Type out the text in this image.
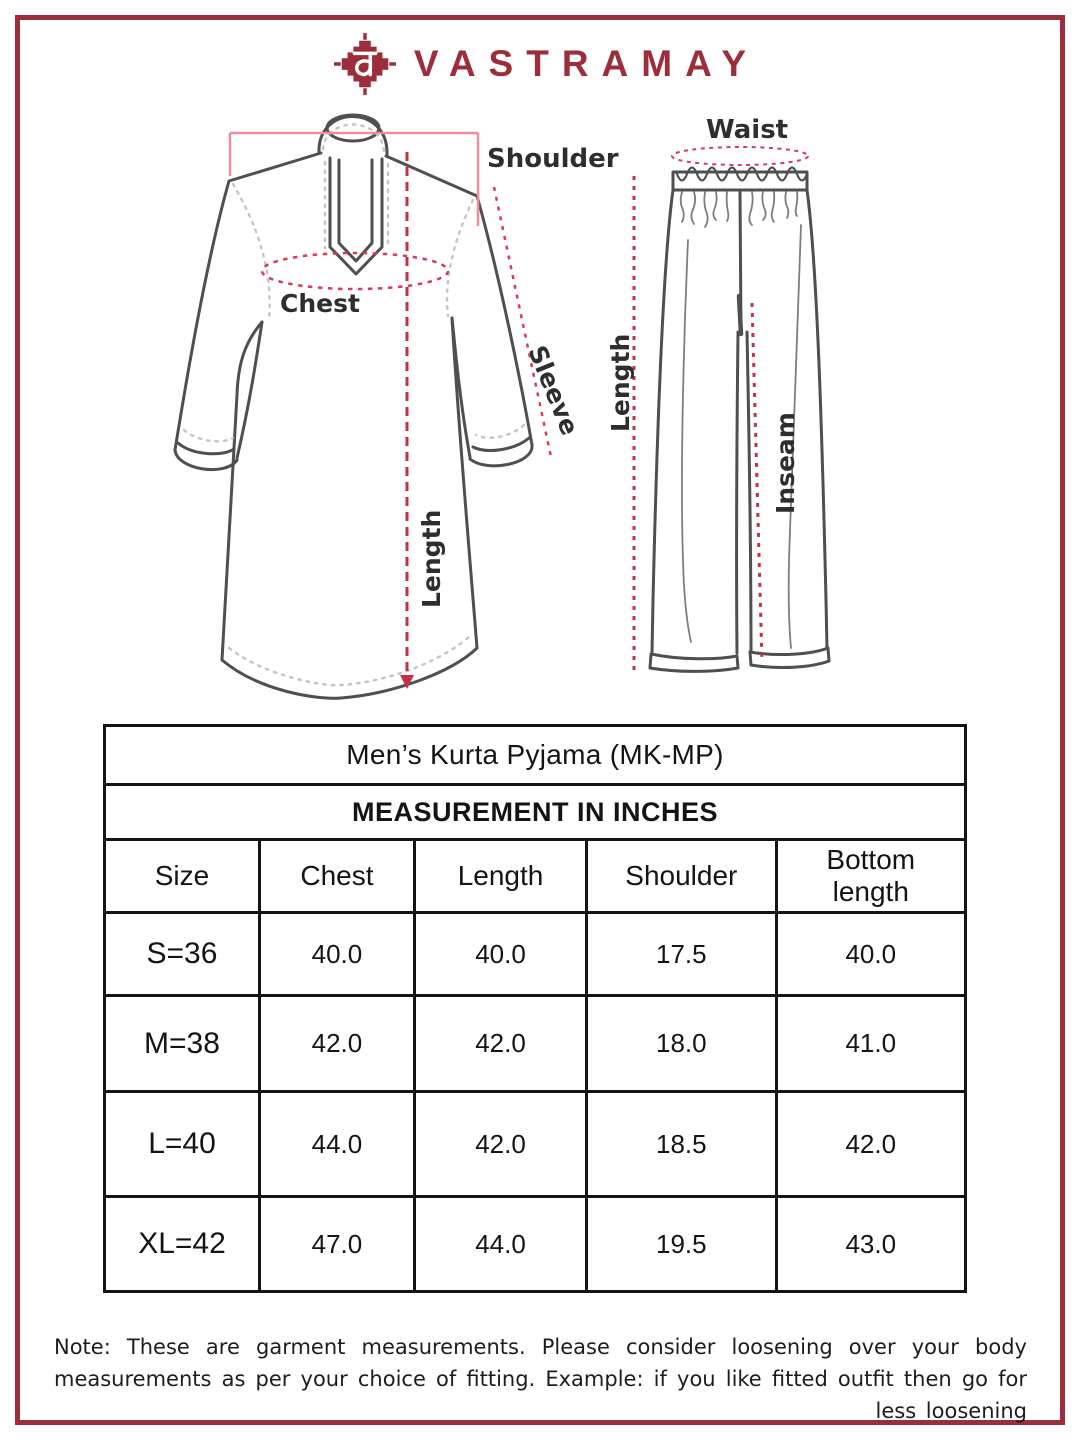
VASTRAMAY
Shoulder
Chest
Sleeve
Length
Waist
Length
Inseam
Men’s Kurta Pyjama (MK-MP)				
MEASUREMENT IN INCHES				
Size	Chest	Length	Shoulder	Bottom length
S=36	40.0	40.0	17.5	40.0
M=38	42.0	42.0	18.0	41.0
L=40	44.0	42.0	18.5	42.0
XL=42	47.0	44.0	19.5	43.0
Note: These are garment measurements. Please consider loosening over your body measurements as per your choice of fitting. Example: if you like fitted outfit then go for less loosening
